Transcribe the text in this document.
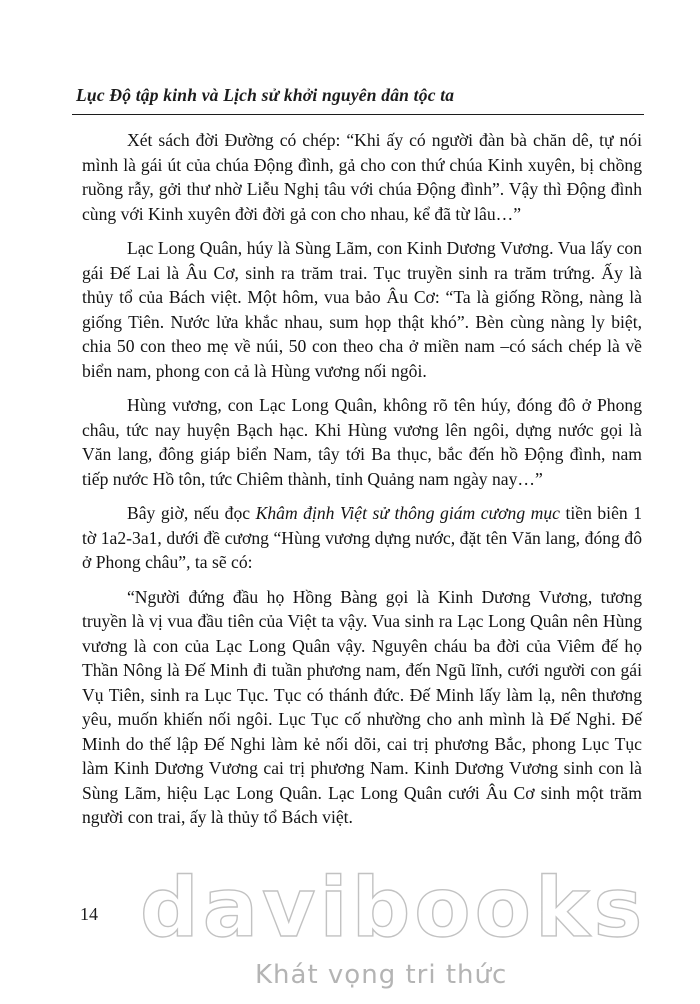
Lục Độ tập kinh và Lịch sử khởi nguyên dân tộc ta

Xét sách đời Đường có chép: “Khi ấy có người đàn bà chăn dê, tự nói mình là gái út của chúa Động đình, gả cho con thứ chúa Kinh xuyên, bị chồng ruồng rẫy, gởi thư nhờ Liễu Nghị tâu với chúa Động đình”. Vậy thì Động đình cùng với Kinh xuyên đời đời gả con cho nhau, kể đã từ lâu…”

Lạc Long Quân, húy là Sùng Lãm, con Kinh Dương Vương. Vua lấy con gái Đế Lai là Âu Cơ, sinh ra trăm trai. Tục truyền sinh ra trăm trứng. Ấy là thủy tổ của Bách việt. Một hôm, vua bảo Âu Cơ: “Ta là giống Rồng, nàng là giống Tiên. Nước lửa khắc nhau, sum họp thật khó”. Bèn cùng nàng ly biệt, chia 50 con theo mẹ về núi, 50 con theo cha ở miền nam –có sách chép là về biển nam, phong con cả là Hùng vương nối ngôi.

Hùng vương, con Lạc Long Quân, không rõ tên húy, đóng đô ở Phong châu, tức nay huyện Bạch hạc. Khi Hùng vương lên ngôi, dựng nước gọi là Văn lang, đông giáp biển Nam, tây tới Ba thục, bắc đến hồ Động đình, nam tiếp nước Hồ tôn, tức Chiêm thành, tỉnh Quảng nam ngày nay…”

Bây giờ, nếu đọc Khâm định Việt sử thông giám cương mục tiền biên 1 tờ 1a2-3a1, dưới đề cương “Hùng vương dựng nước, đặt tên Văn lang, đóng đô ở Phong châu”, ta sẽ có:

“Người đứng đầu họ Hồng Bàng gọi là Kinh Dương Vương, tương truyền là vị vua đầu tiên của Việt ta vậy. Vua sinh ra Lạc Long Quân nên Hùng vương là con của Lạc Long Quân vậy. Nguyên cháu ba đời của Viêm đế họ Thần Nông là Đế Minh đi tuần phương nam, đến Ngũ lĩnh, cưới người con gái Vụ Tiên, sinh ra Lục Tục. Tục có thánh đức. Đế Minh lấy làm lạ, nên thương yêu, muốn khiến nối ngôi. Lục Tục cố nhường cho anh mình là Đế Nghi. Đế Minh do thế lập Đế Nghi làm kẻ nối dõi, cai trị phương Bắc, phong Lục Tục làm Kinh Dương Vương cai trị phương Nam. Kinh Dương Vương sinh con là Sùng Lãm, hiệu Lạc Long Quân. Lạc Long Quân cưới Âu Cơ sinh một trăm người con trai, ấy là thủy tổ Bách việt.

14 davibooks
Khát vọng tri thức
